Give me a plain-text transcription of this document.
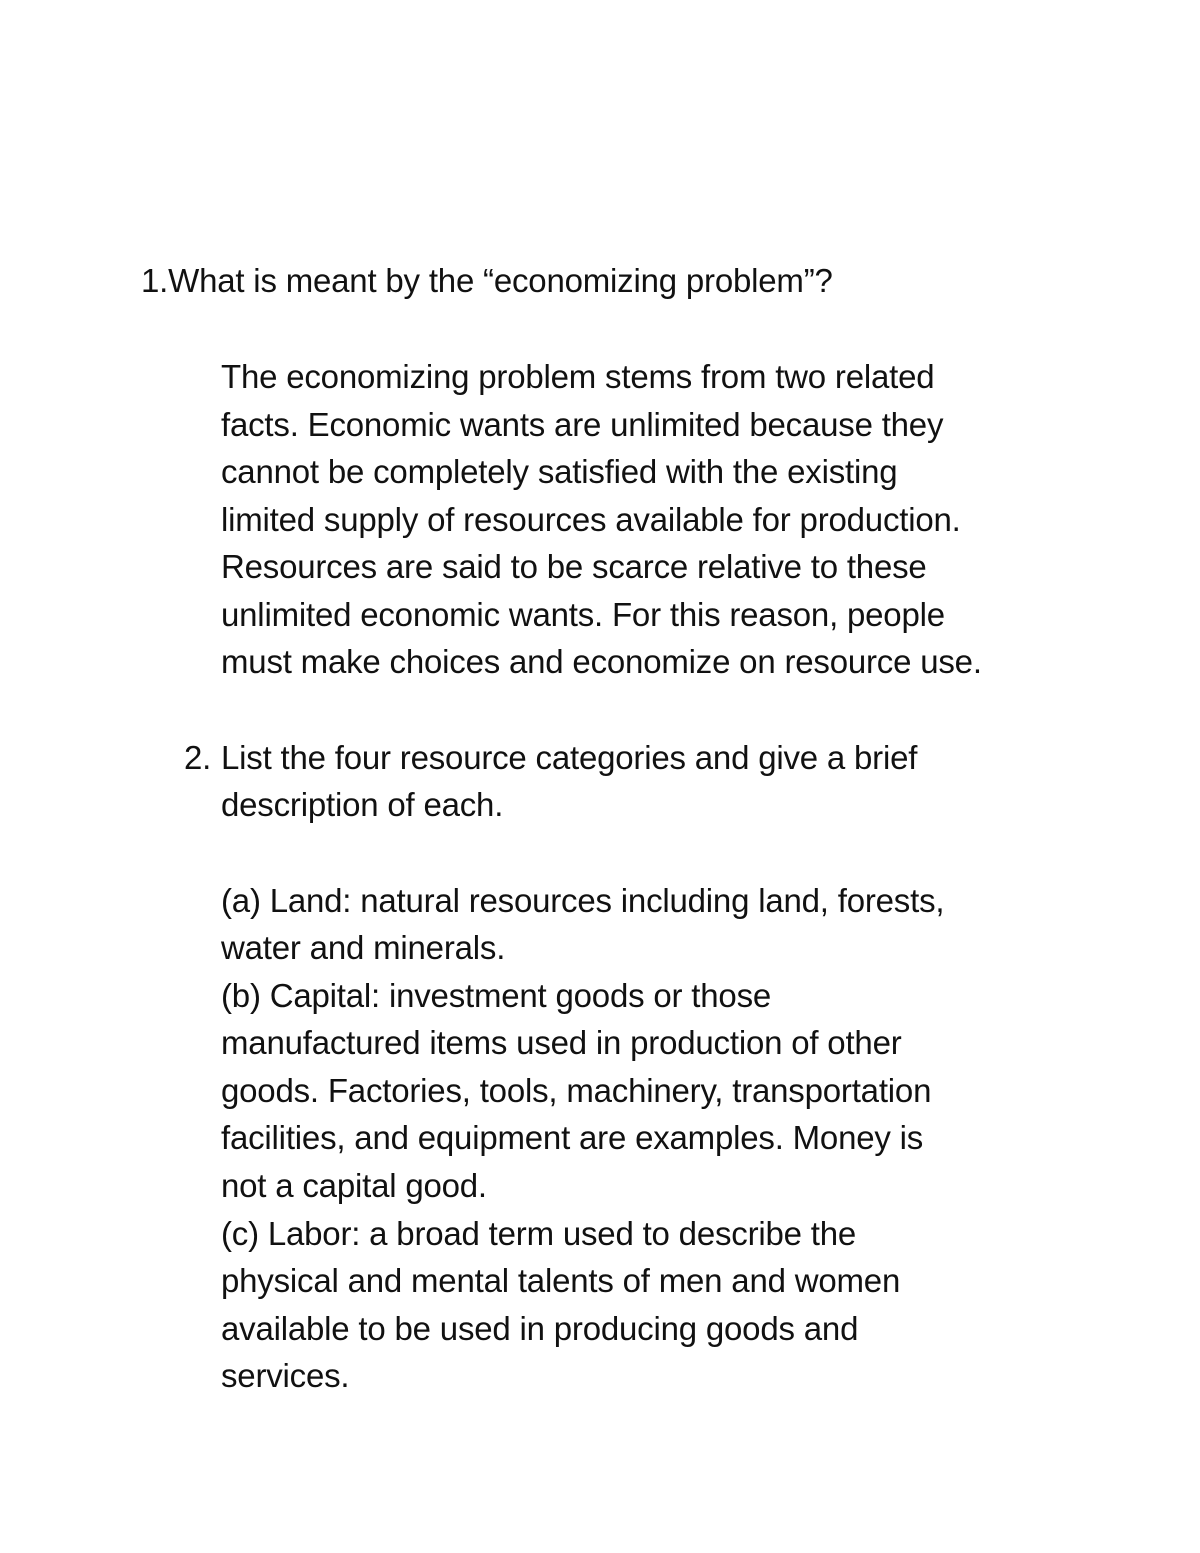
1.What is meant by the “economizing problem”?

The economizing problem stems from two related

facts. Economic wants are unlimited because they

cannot be completely satisfied with the existing

limited supply of resources available for production.

Resources are said to be scarce relative to these

unlimited economic wants. For this reason, people

must make choices and economize on resource use.

2. List the four resource categories and give a brief

description of each.

(a) Land: natural resources including land, forests,

water and minerals.

(b) Capital: investment goods or those

manufactured items used in production of other

goods. Factories, tools, machinery, transportation

facilities, and equipment are examples. Money is

not a capital good.

(c) Labor: a broad term used to describe the

physical and mental talents of men and women

available to be used in producing goods and

services.
